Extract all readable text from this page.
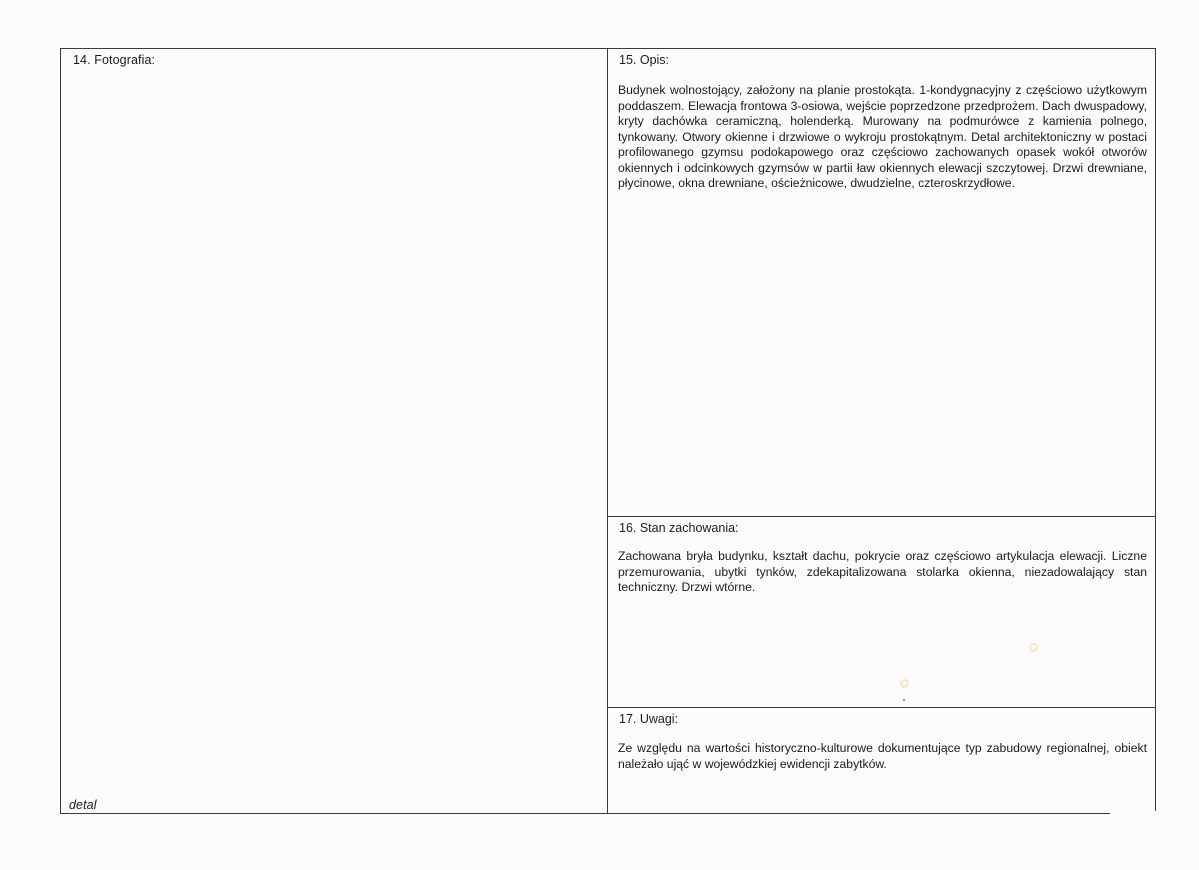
14. Fotografia:
detal
15. Opis:
Budynek wolnostojący, założony na planie prostokąta. 1-kondygnacyjny z częściowo użytkowym poddaszem. Elewacja frontowa 3-osiowa, wejście poprzedzone przedprożem. Dach dwuspadowy, kryty dachówka ceramiczną, holenderką. Murowany na podmurówce z kamienia polnego, tynkowany. Otwory okienne i drzwiowe o wykroju prostokątnym. Detal architektoniczny w postaci profilowanego gzymsu podokapowego oraz częściowo zachowanych opasek wokół otworów okiennych i odcinkowych gzymsów w partii ław okiennych elewacji szczytowej. Drzwi drewniane, płycinowe, okna drewniane, ościeżnicowe, dwudzielne, czteroskrzydłowe.
16. Stan zachowania:
Zachowana bryła budynku, kształt dachu, pokrycie oraz częściowo artykulacja elewacji. Liczne przemurowania, ubytki tynków, zdekapitalizowana stolarka okienna, niezadowalający stan techniczny. Drzwi wtórne.
17. Uwagi:
Ze względu na wartości historyczno-kulturowe dokumentujące typ zabudowy regionalnej, obiekt należało ująć w wojewódzkiej ewidencji zabytków.
